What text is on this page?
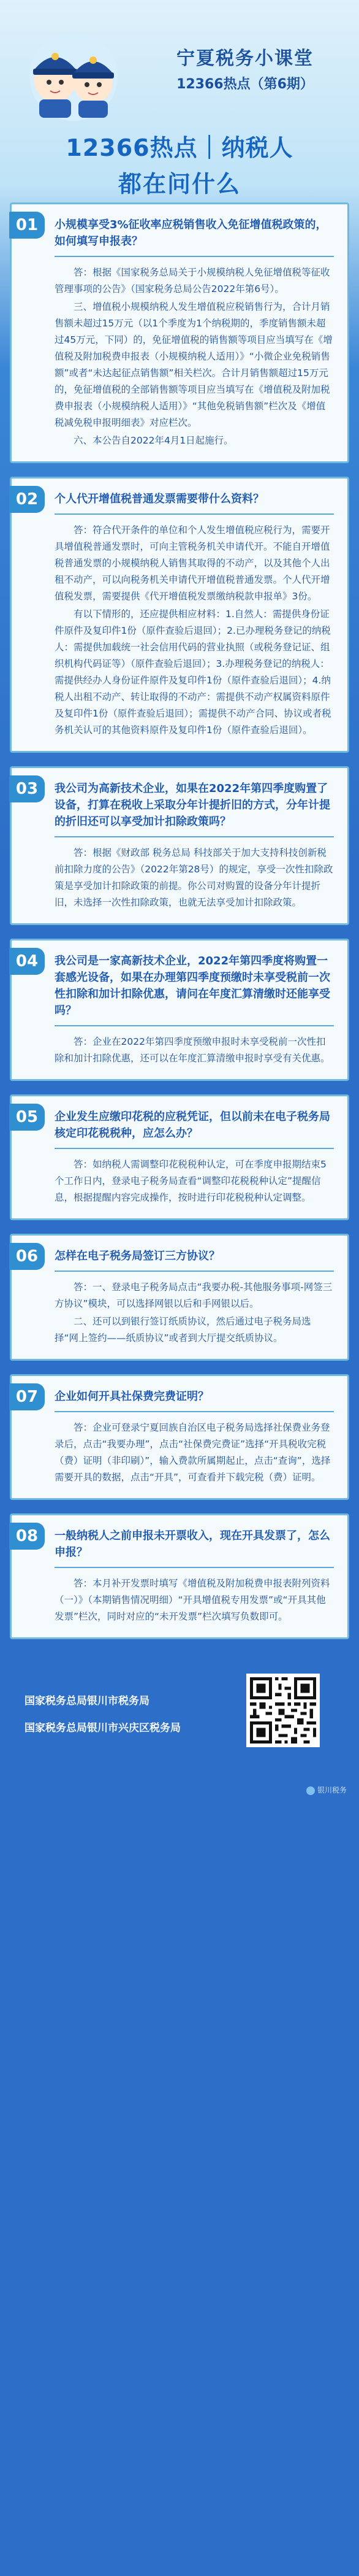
宁夏税务小课堂
12366热点（第6期）
12366热点｜纳税人
都在问什么
01	小规模享受3%征收率应税销售收入免征增值税政策的，如何填写申报表？

答：根据《国家税务总局关于小规模纳税人免征增值税等征收管理事项的公告》（国家税务总局公告2022年第6号）。

三、增值税小规模纳税人发生增值税应税销售行为，合计月销售额未超过15万元（以1个季度为1个纳税期的，季度销售额未超过45万元，下同）的，免征增值税的销售额等项目应当填写在《增值税及附加税费申报表（小规模纳税人适用）》“小微企业免税销售额”或者“未达起征点销售额”相关栏次。合计月销售额超过15万元的，免征增值税的全部销售额等项目应当填写在《增值税及附加税费申报表（小规模纳税人适用）》“其他免税销售额”栏次及《增值税减免税申报明细表》对应栏次。

六、本公告自2022年4月1日起施行。

02	个人代开增值税普通发票需要带什么资料？

答：符合代开条件的单位和个人发生增值税应税行为，需要开具增值税普通发票时，可向主管税务机关申请代开。不能自开增值税普通发票的小规模纳税人销售其取得的不动产，以及其他个人出租不动产，可以向税务机关申请代开增值税普通发票。个人代开增值税发票，需要提供《代开增值税发票缴纳税款申报单》3份。

有以下情形的，还应提供相应材料：1.自然人：需提供身份证件原件及复印件1份（原件查验后退回）；2.已办理税务登记的纳税人：需提供加载统一社会信用代码的营业执照（或税务登记证、组织机构代码证等）（原件查验后退回）；3.办理税务登记的纳税人：需提供经办人身份证件原件及复印件1份（原件查验后退回）；4.纳税人出租不动产、转让取得的不动产：需提供不动产权属资料原件及复印件1份（原件查验后退回）；需提供不动产合同、协议或者税务机关认可的其他资料原件及复印件1份（原件查验后退回）。

03	我公司为高新技术企业，如果在2022年第四季度购置了设备，打算在税收上采取分年计提折旧的方式，分年计提的折旧还可以享受加计扣除政策吗？

答：根据《财政部 税务总局 科技部关于加大支持科技创新税前扣除力度的公告》（2022年第28号）的规定，享受一次性扣除政策是享受加计扣除政策的前提。你公司对购置的设备分年计提折旧，未选择一次性扣除政策，也就无法享受加计扣除政策。

04	我公司是一家高新技术企业，2022年第四季度将购置一套感光设备，如果在办理第四季度预缴时未享受税前一次性扣除和加计扣除优惠，请问在年度汇算清缴时还能享受吗？

答：企业在2022年第四季度预缴申报时未享受税前一次性扣除和加计扣除优惠，还可以在年度汇算清缴申报时享受有关优惠。

05	企业发生应缴印花税的应税凭证，但以前未在电子税务局核定印花税税种，应怎么办？

答：如纳税人需调整印花税税种认定，可在季度申报期结束5个工作日内，登录电子税务局查看“调整印花税税种认定”提醒信息，根据提醒内容完成操作，按时进行印花税税种认定调整。

06	怎样在电子税务局签订三方协议？

答：一、登录电子税务局点击“我要办税-其他服务事项-网签三方协议”模块，可以选择网银以后和手网银以后。

二、还可以到银行签订纸质协议，然后通过电子税务局选择“网上签约——纸质协议”或者到大厅提交纸质协议。

07	企业如何开具社保费完费证明？

答：企业可登录宁夏回族自治区电子税务局选择社保费业务登录后，点击“我要办理”，点击“社保费完费证”选择“开具税收完税（费）证明（非印刷）”，输入费款所属期起止，点击“查询”，选择需要开具的数据，点击“开具”，可查看并下载完税（费）证明。

08	一般纳税人之前申报未开票收入，现在开具发票了，怎么申报？

答：本月补开发票时填写《增值税及附加税费申报表附列资料（一）》（本期销售情况明细）“开具增值税专用发票”或“开具其他发票”栏次，同时对应的“未开发票”栏次填写负数即可。

国家税务总局银川市税务局
国家税务总局银川市兴庆区税务局
银川税务
